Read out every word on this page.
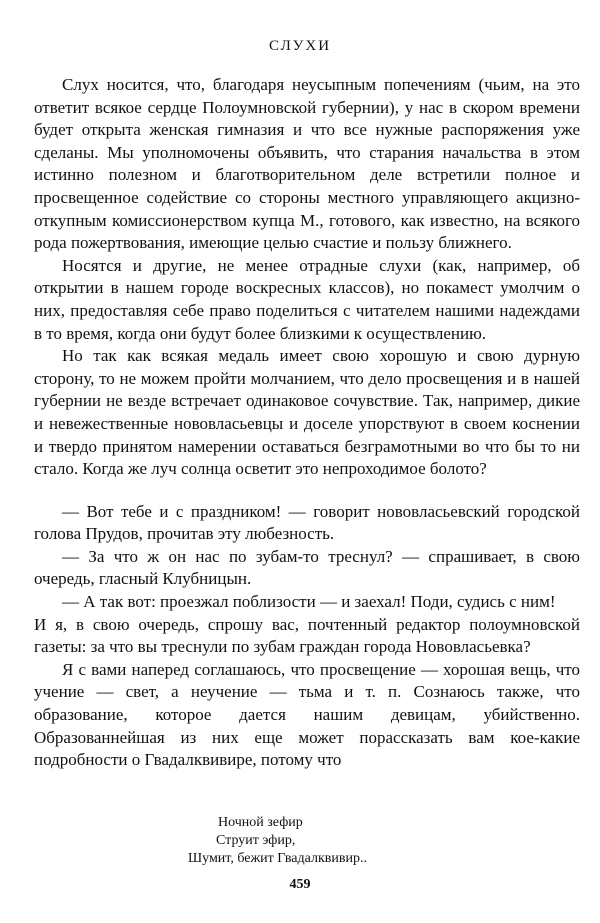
СЛУХИ

Слух носится, что, благодаря неусыпным попечениям (чьим, на это ответит всякое сердце Полоумновской губернии), у нас в скором времени будет открыта женская гимназия и что все нужные распоряжения уже сделаны. Мы уполномочены объявить, что старания начальства в этом истинно полезном и благотворительном деле встретили полное и просвещенное содействие со стороны местного управляющего акцизно-откупным комиссионерством купца М., готового, как известно, на всякого рода пожертвования, имеющие целью счастие и пользу ближнего.

Носятся и другие, не менее отрадные слухи (как, например, об открытии в нашем городе воскресных классов), но покамест умолчим о них, предоставляя себе право поделиться с читателем нашими надеждами в то время, когда они будут более близкими к осуществлению.

Но так как всякая медаль имеет свою хорошую и свою дурную сторону, то не можем пройти молчанием, что дело просвещения и в нашей губернии не везде встречает одинаковое сочувствие. Так, например, дикие и невежественные нововласьевцы и доселе упорствуют в своем коснении и твердо принятом намерении оставаться безграмотными во что бы то ни стало. Когда же луч солнца осветит это непроходимое болото?

— Вот тебе и с праздником! — говорит нововласьевский городской голова Прудов, прочитав эту любезность.

— За что ж он нас по зубам-то треснул? — спрашивает, в свою очередь, гласный Клубницын.

— А так вот: проезжал поблизости — и заехал! Поди, судись с ним!

И я, в свою очередь, спрошу вас, почтенный редактор полоумновской газеты: за что вы треснули по зубам граждан города Нововласьевка?

Я с вами наперед соглашаюсь, что просвещение — хорошая вещь, что учение — свет, а неучение — тьма и т. п. Сознаюсь также, что образование, которое дается нашим девицам, убийственно. Образованнейшая из них еще может порассказать вам кое-какие подробности о Гвадалквивире, потому что

Ночной зефир
Струит эфир,
Шумит, бежит Гвадалквивир..
459
